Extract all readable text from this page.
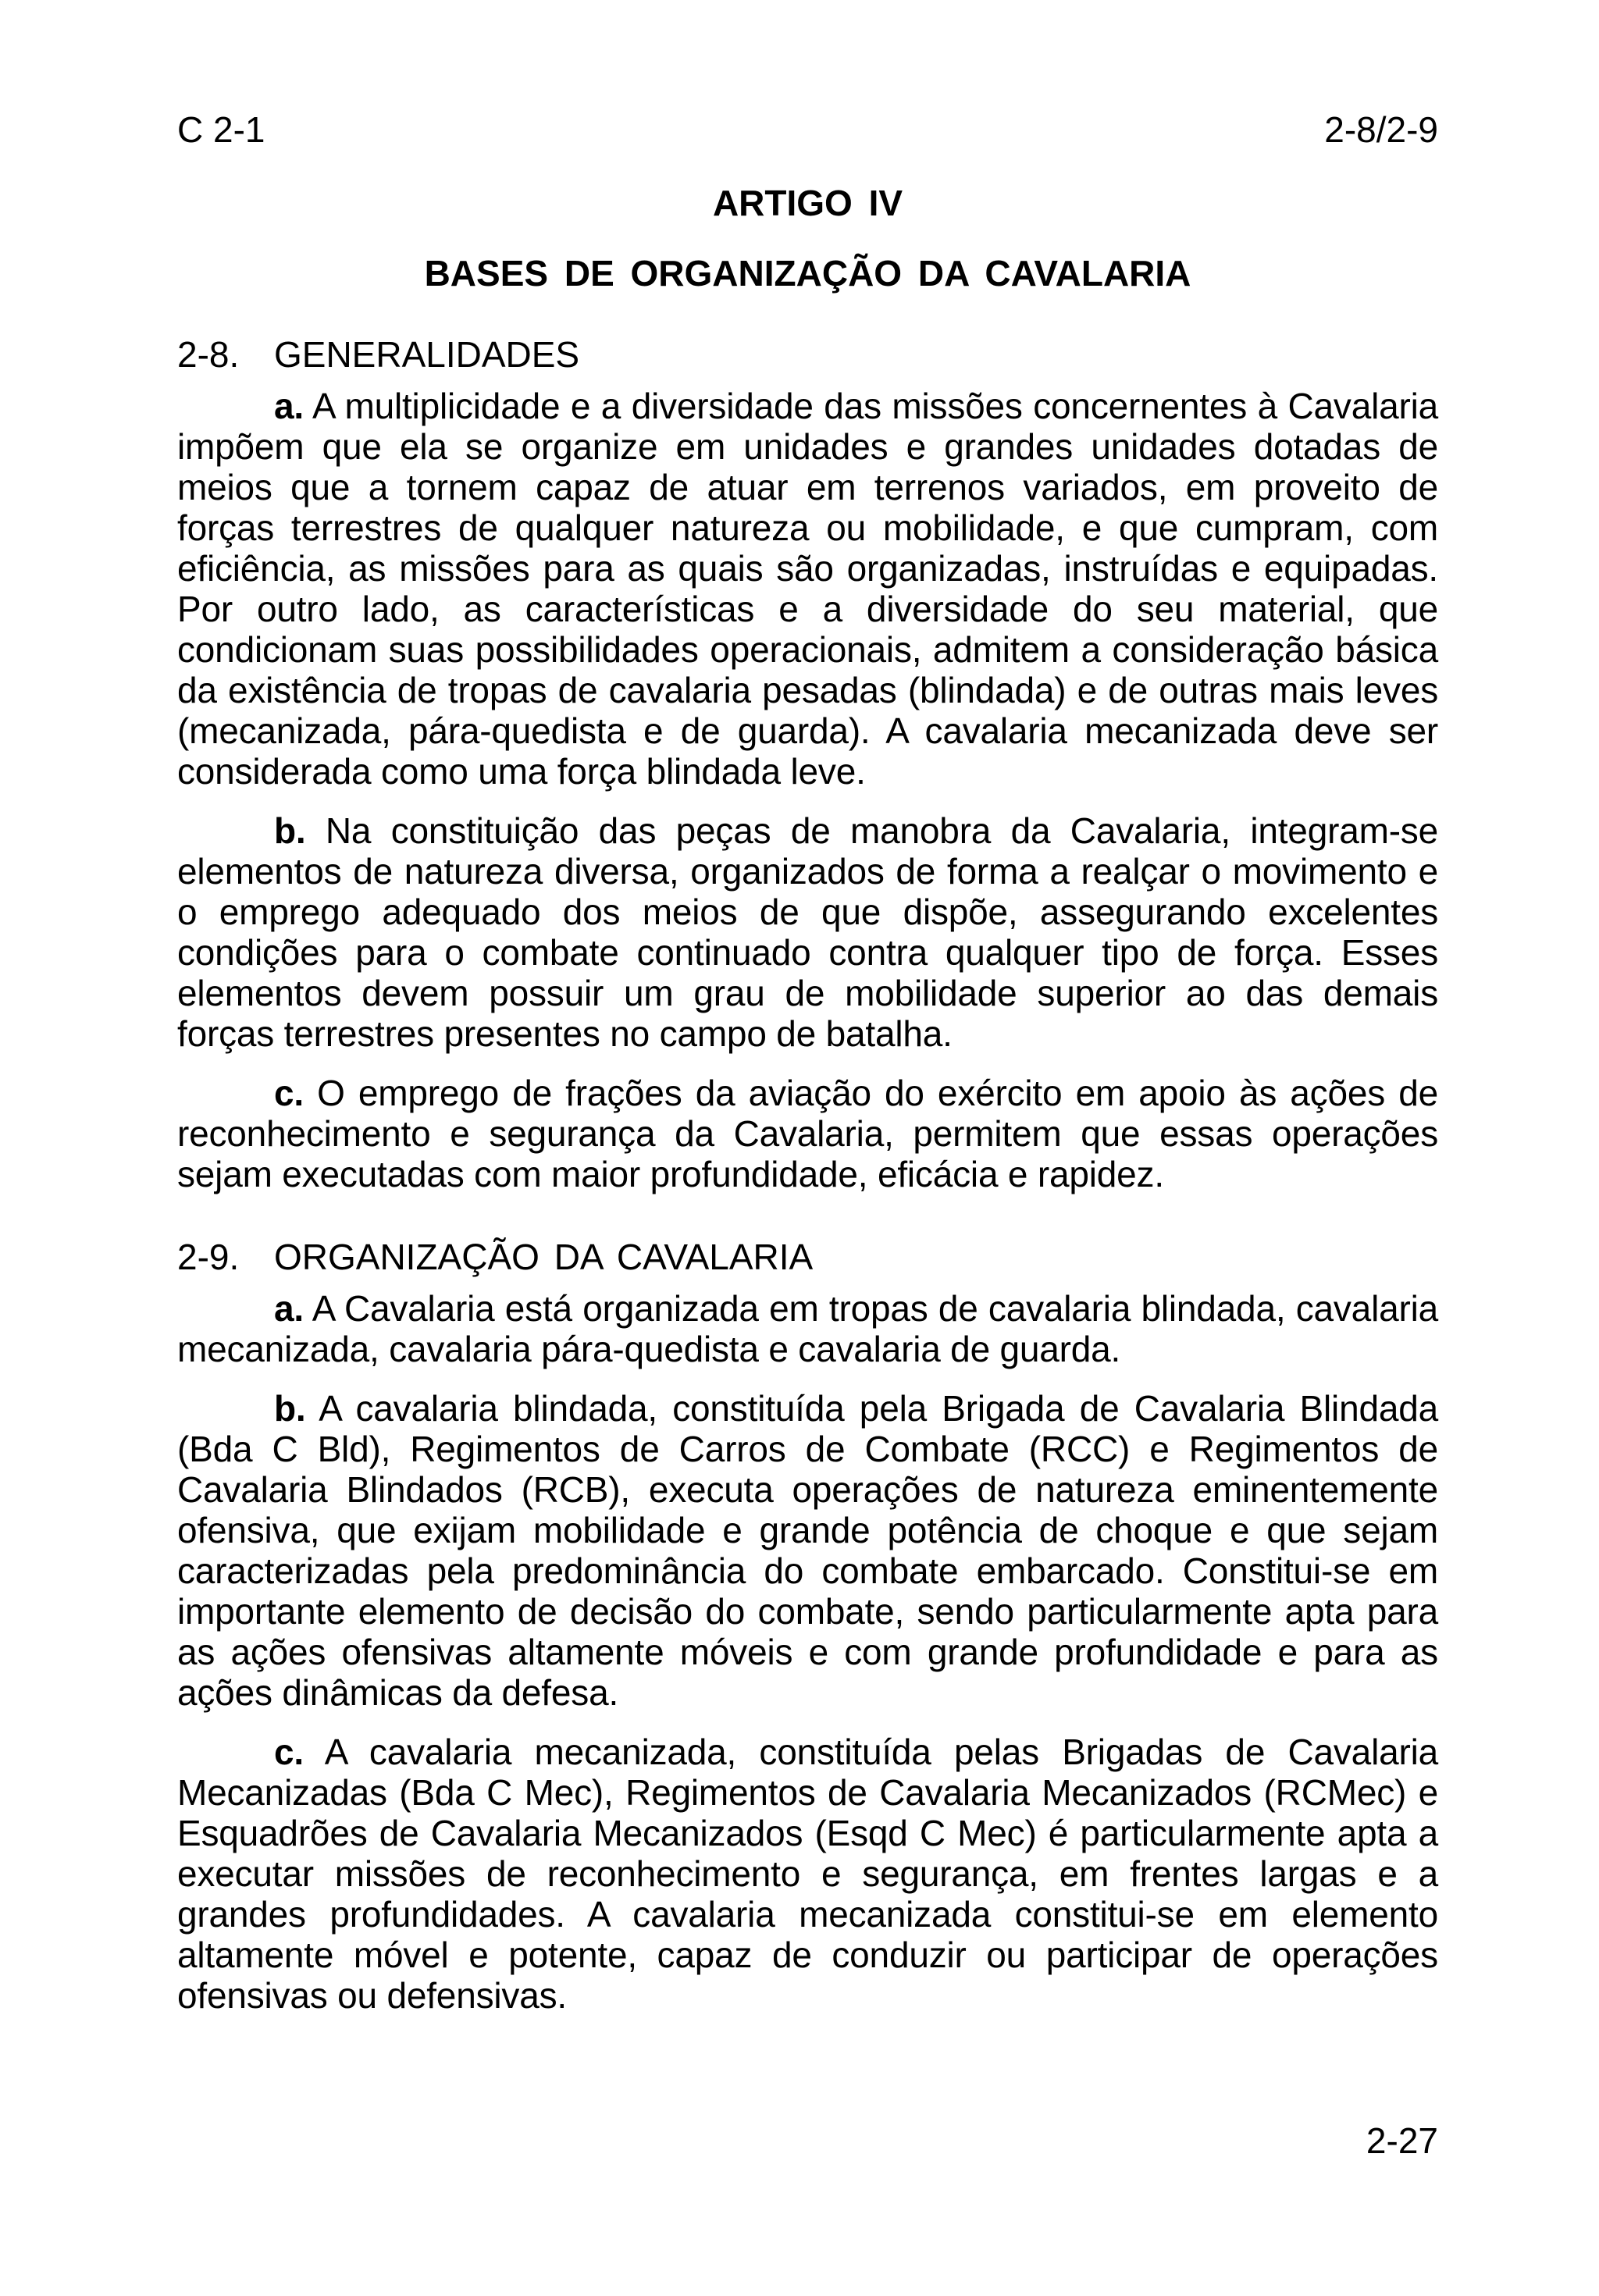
C 2-1	2-8/2-9
ARTIGO IV
BASES DE ORGANIZAÇÃO DA CAVALARIA
2-8. GENERALIDADES

a. A multiplicidade e a diversidade das missões concernentes à Cavalaria impõem que ela se organize em unidades e grandes unidades dotadas de meios que a tornem capaz de atuar em terrenos variados, em proveito de forças terrestres de qualquer natureza ou mobilidade, e que cumpram, com eficiência, as missões para as quais são organizadas, instruídas e equipadas. Por outro lado, as características e a diversidade do seu material, que condicionam suas possibilidades operacionais, admitem a consideração básica da existência de tropas de cavalaria pesadas (blindada) e de outras mais leves (mecanizada, pára-quedista e de guarda). A cavalaria mecanizada deve ser considerada como uma força blindada leve.

b. Na constituição das peças de manobra da Cavalaria, integram-se elementos de natureza diversa, organizados de forma a realçar o movimento e o emprego adequado dos meios de que dispõe, assegurando excelentes condições para o combate continuado contra qualquer tipo de força. Esses elementos devem possuir um grau de mobilidade superior ao das demais forças terrestres presentes no campo de batalha.

c. O emprego de frações da aviação do exército em apoio às ações de reconhecimento e segurança da Cavalaria, permitem que essas operações sejam executadas com maior profundidade, eficácia e rapidez.

2-9. ORGANIZAÇÃO DA CAVALARIA

a. A Cavalaria está organizada em tropas de cavalaria blindada, cavalaria mecanizada, cavalaria pára-quedista e cavalaria de guarda.

b. A cavalaria blindada, constituída pela Brigada de Cavalaria Blindada (Bda C Bld), Regimentos de Carros de Combate (RCC) e Regimentos de Cavalaria Blindados (RCB), executa operações de natureza eminentemente ofensiva, que exijam mobilidade e grande potência de choque e que sejam caracterizadas pela predominância do combate embarcado. Constitui-se em importante elemento de decisão do combate, sendo particularmente apta para as ações ofensivas altamente móveis e com grande profundidade e para as ações dinâmicas da defesa.

c. A cavalaria mecanizada, constituída pelas Brigadas de Cavalaria Mecanizadas (Bda C Mec), Regimentos de Cavalaria Mecanizados (RCMec) e Esquadrões de Cavalaria Mecanizados (Esqd C Mec) é particularmente apta a executar missões de reconhecimento e segurança, em frentes largas e a grandes profundidades. A cavalaria mecanizada constitui-se em elemento altamente móvel e potente, capaz de conduzir ou participar de operações ofensivas ou defensivas.

2-27
